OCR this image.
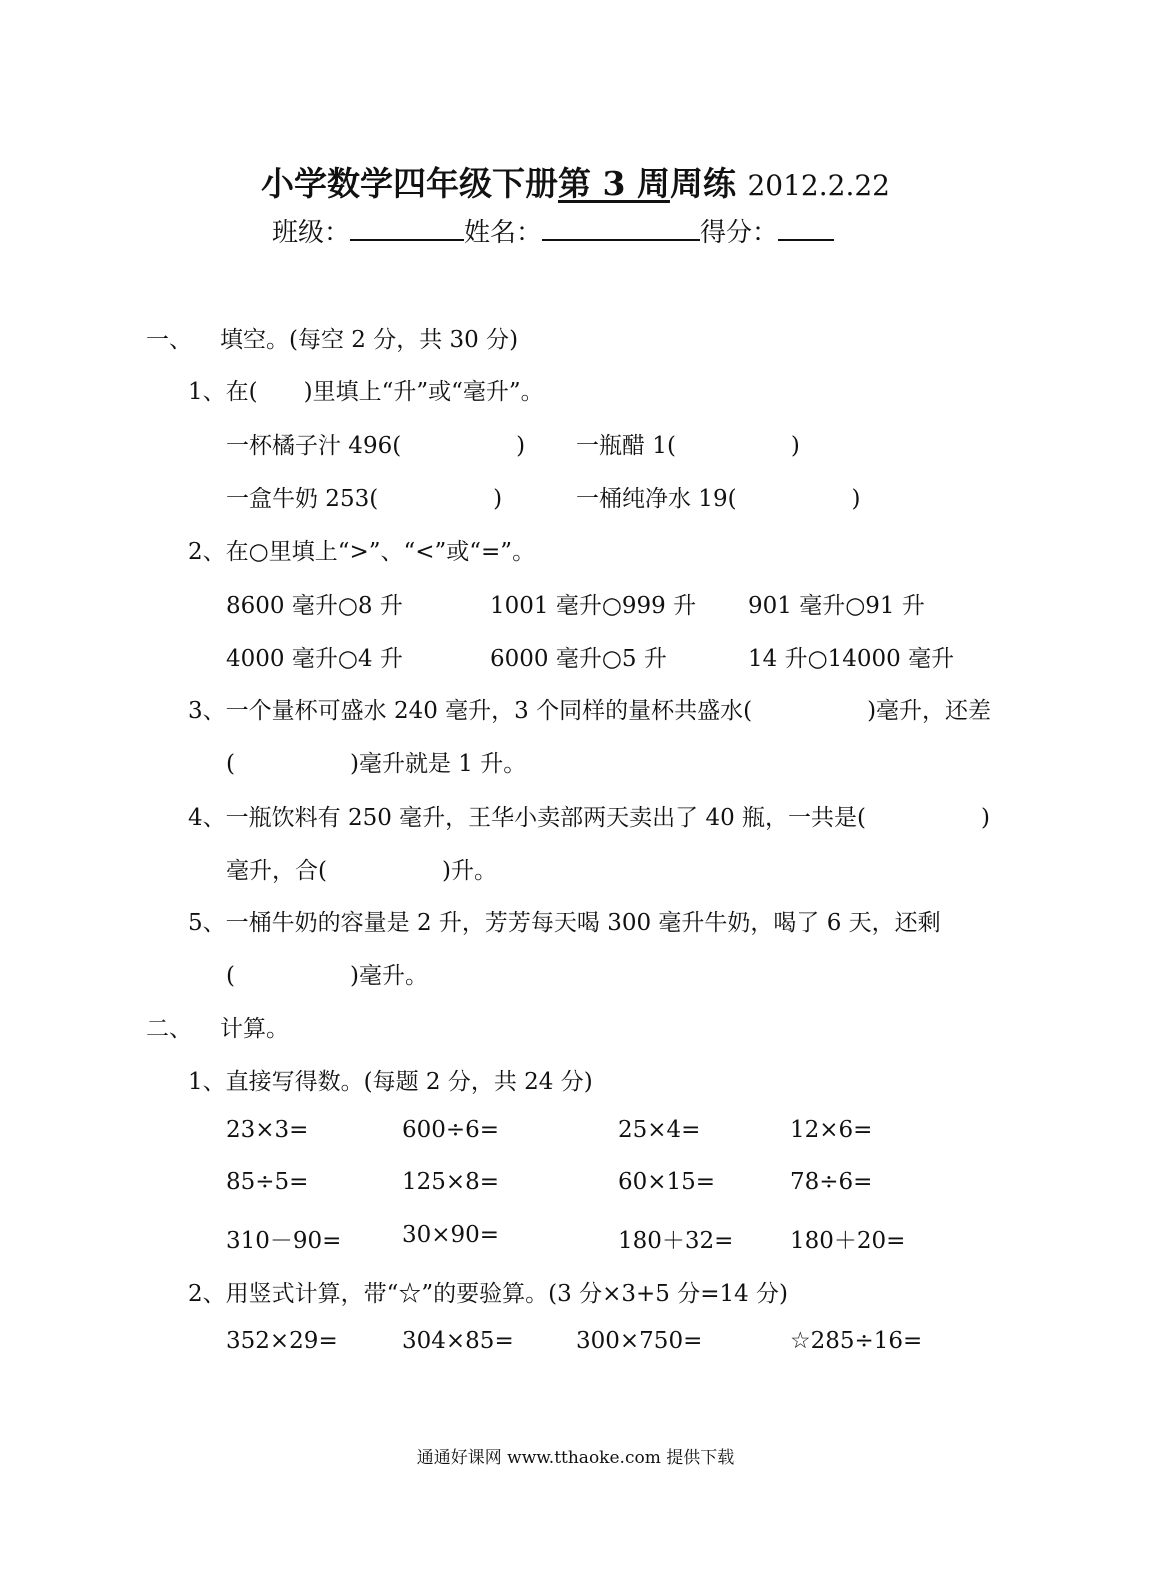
小学数学四年级下册第 3 周周练 2012.2.22
班级：	姓名：	得分：
一、 填空。(每空 2 分，共 30 分)
1、在(　　)里填上“升”或“毫升”。
一杯橘子汁 496(　　　　　) 一瓶醋 1(　　　　　)
一盒牛奶 253(　　　　　)	一桶纯净水 19(　　　　　)
2、在○里填上“>”、“<”或“=”。
8600 毫升○8 升	1001 毫升○999 升 901 毫升○91 升
4000 毫升○4 升	6000 毫升○5 升	14 升○14000 毫升
3、一个量杯可盛水 240 毫升，3 个同样的量杯共盛水(　　　　　)毫升，还差
(　　　　　)毫升就是 1 升。
4、一瓶饮料有 250 毫升，王华小卖部两天卖出了 40 瓶，一共是(　　　　　)
毫升，合(　　　　　)升。
5、一桶牛奶的容量是 2 升，芳芳每天喝 300 毫升牛奶，喝了 6 天，还剩
(　　　　　)毫升。
二、 计算。
1、直接写得数。(每题 2 分，共 24 分)
23×3=	600÷6=	25×4=	12×6=
85÷5=	125×8=	60×15=	78÷6=
310－90=	30×90=	180＋32= 180＋20=
2、用竖式计算，带“☆”的要验算。(3 分×3+5 分=14 分)
352×29=	304×85=	300×750=	☆285÷16=
通通好课网 www.tthaoke.com 提供下载
